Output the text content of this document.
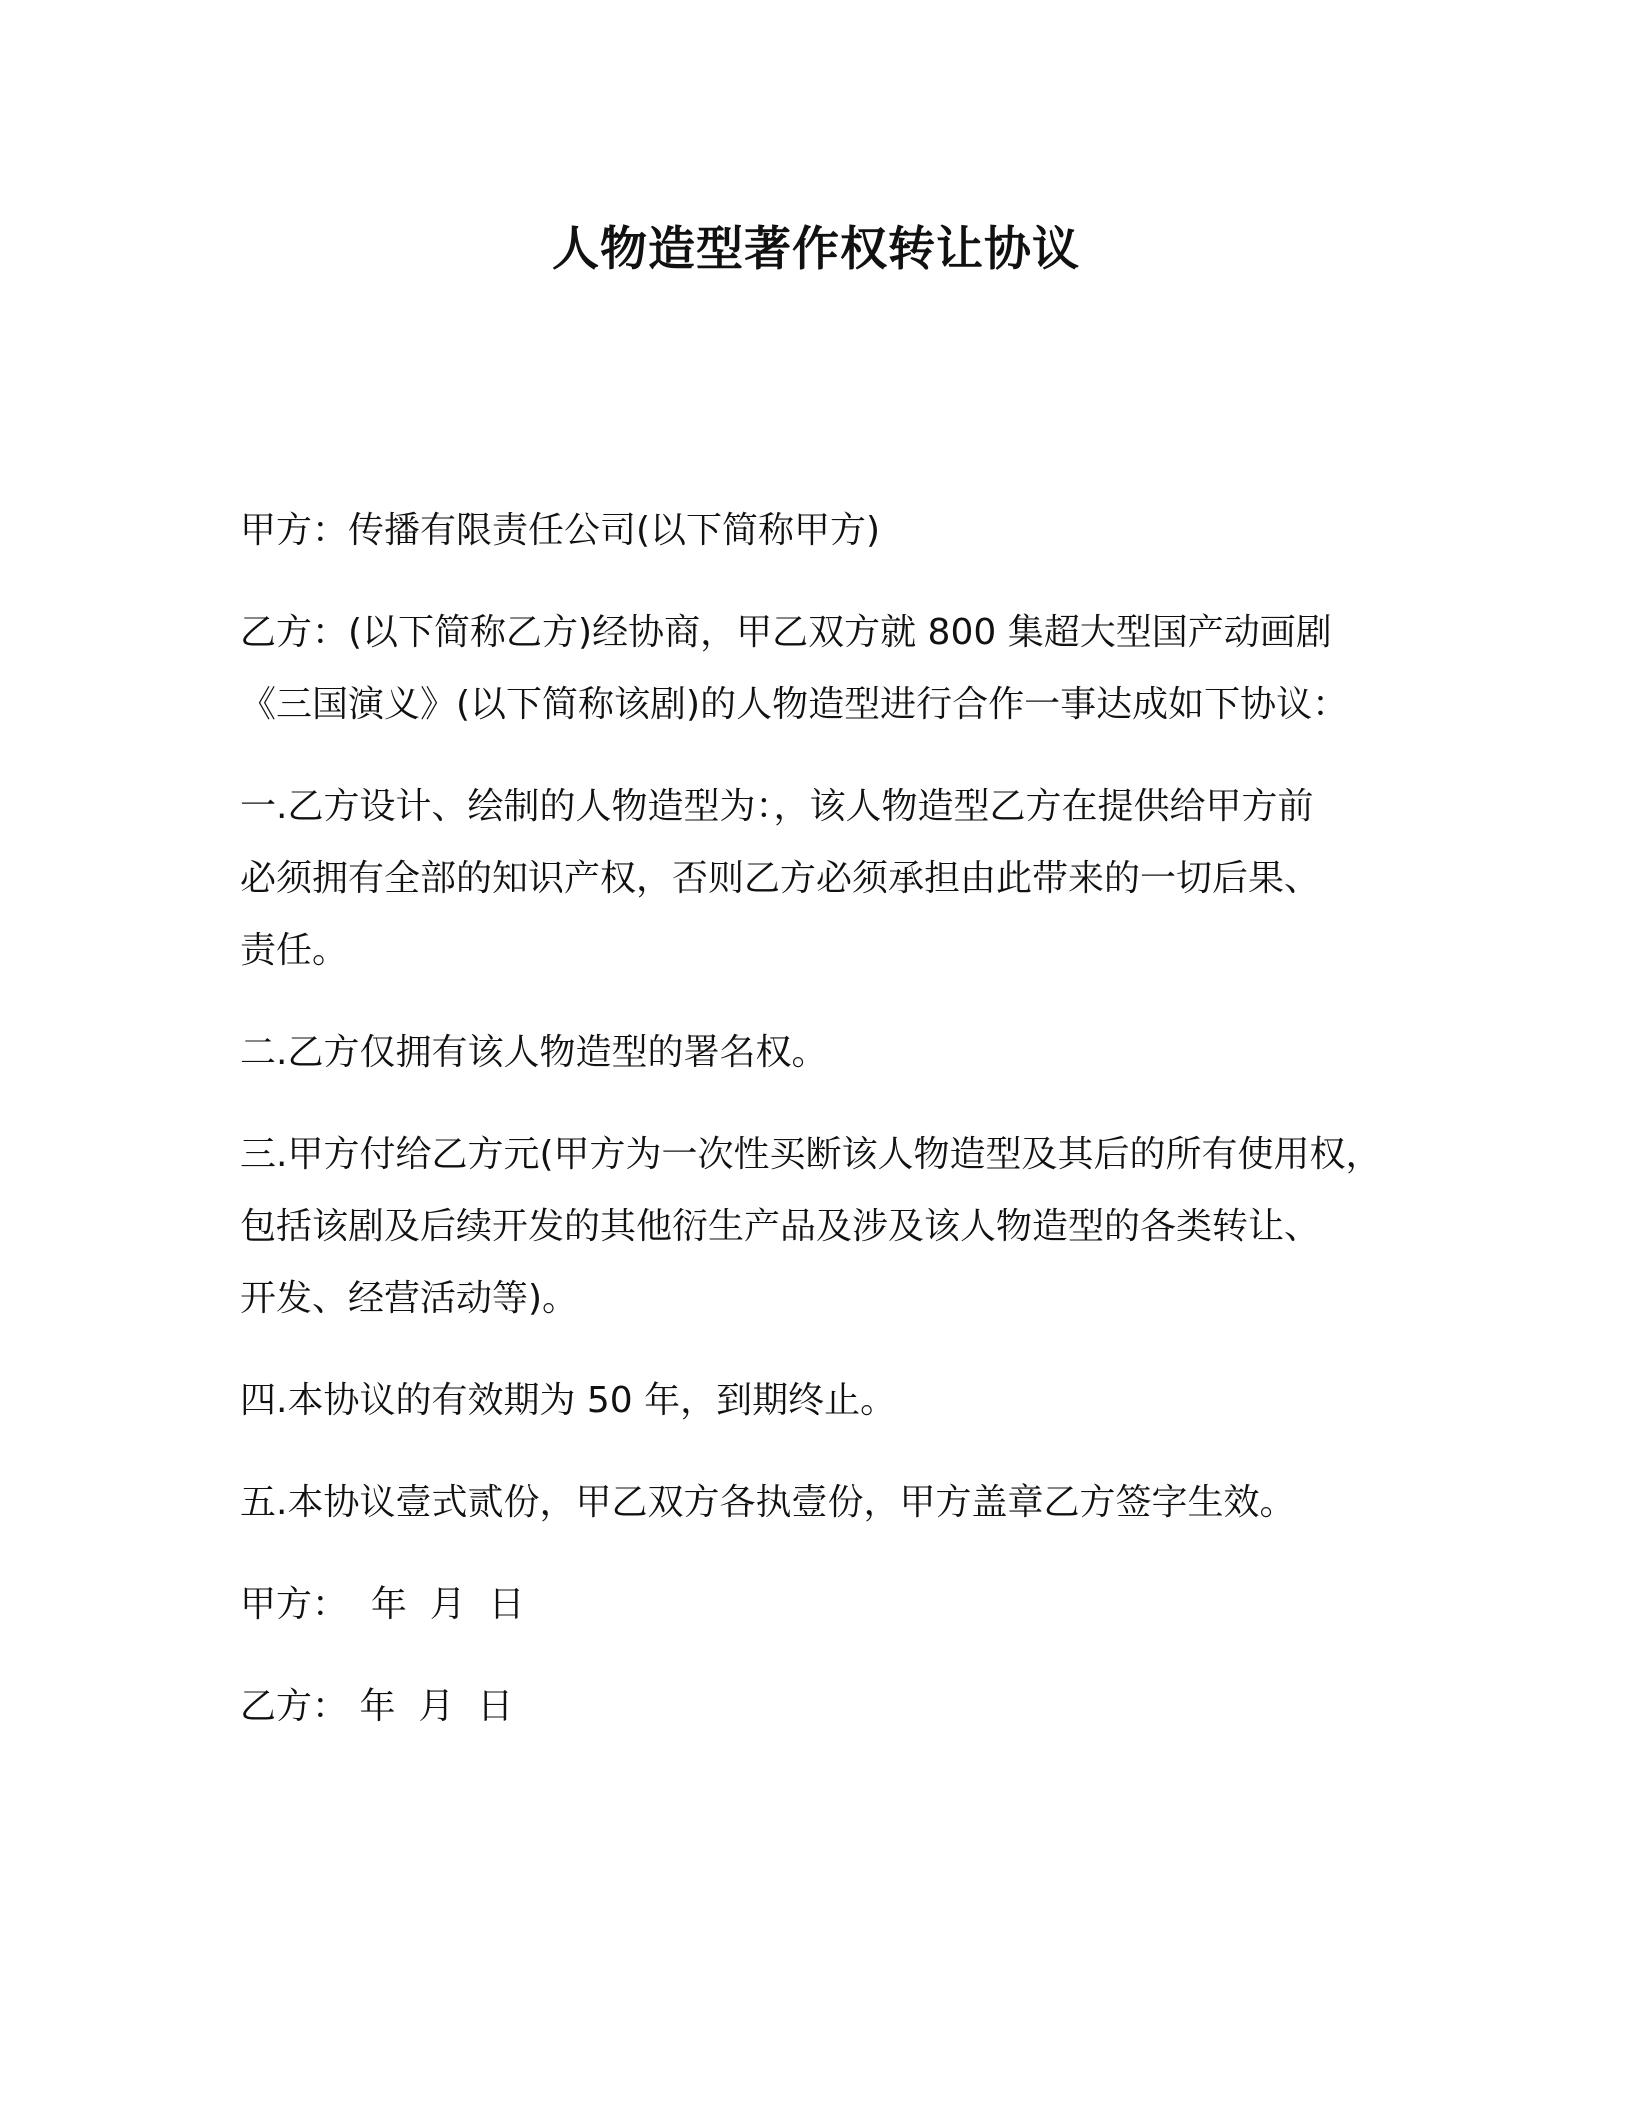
人物造型著作权转让协议

甲方：传播有限责任公司(以下简称甲方)

乙方：(以下简称乙方)经协商，甲乙双方就 800 集超大型国产动画剧
《三国演义》(以下简称该剧)的人物造型进行合作一事达成如下协议：

一.乙方设计、绘制的人物造型为：，该人物造型乙方在提供给甲方前
必须拥有全部的知识产权，否则乙方必须承担由此带来的一切后果、
责任。

二.乙方仅拥有该人物造型的署名权。

三.甲方付给乙方元(甲方为一次性买断该人物造型及其后的所有使用权，
包括该剧及后续开发的其他衍生产品及涉及该人物造型的各类转让、
开发、经营活动等)。

四.本协议的有效期为 50 年，到期终止。

五.本协议壹式贰份，甲乙双方各执壹份，甲方盖章乙方签字生效。

甲方：  年  月  日

乙方： 年  月  日
